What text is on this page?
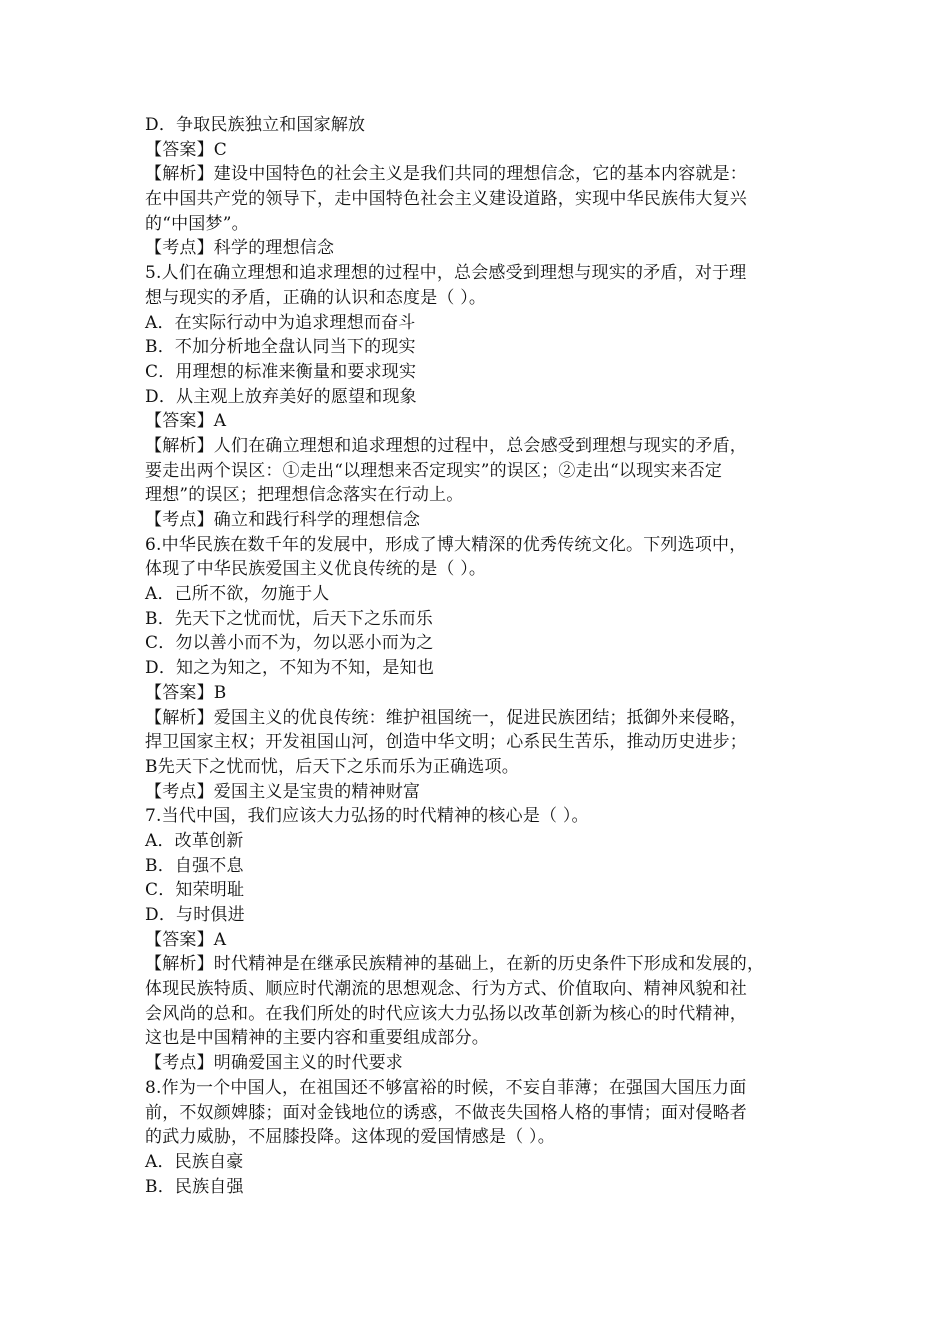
D．争取民族独立和国家解放
【答案】C
【解析】建设中国特色的社会主义是我们共同的理想信念，它的基本内容就是：
在中国共产党的领导下，走中国特色社会主义建设道路，实现中华民族伟大复兴
的“中国梦”。
【考点】科学的理想信念
5.人们在确立理想和追求理想的过程中，总会感受到理想与现实的矛盾，对于理
想与现实的矛盾，正确的认识和态度是（ ）。
A．在实际行动中为追求理想而奋斗
B．不加分析地全盘认同当下的现实
C．用理想的标准来衡量和要求现实
D．从主观上放弃美好的愿望和现象
【答案】A
【解析】人们在确立理想和追求理想的过程中，总会感受到理想与现实的矛盾，
要走出两个误区：①走出“以理想来否定现实”的误区；②走出“以现实来否定
理想”的误区；把理想信念落实在行动上。
【考点】确立和践行科学的理想信念
6.中华民族在数千年的发展中，形成了博大精深的优秀传统文化。下列选项中，
体现了中华民族爱国主义优良传统的是（ ）。
A．己所不欲，勿施于人
B．先天下之忧而忧，后天下之乐而乐
C．勿以善小而不为，勿以恶小而为之
D．知之为知之，不知为不知，是知也
【答案】B
【解析】爱国主义的优良传统：维护祖国统一，促进民族团结；抵御外来侵略，
捍卫国家主权；开发祖国山河，创造中华文明；心系民生苦乐，推动历史进步；
B先天下之忧而忧，后天下之乐而乐为正确选项。
【考点】爱国主义是宝贵的精神财富
7.当代中国，我们应该大力弘扬的时代精神的核心是（ ）。
A．改革创新
B．自强不息
C．知荣明耻
D．与时俱进
【答案】A
【解析】时代精神是在继承民族精神的基础上，在新的历史条件下形成和发展的，
体现民族特质、顺应时代潮流的思想观念、行为方式、价值取向、精神风貌和社
会风尚的总和。在我们所处的时代应该大力弘扬以改革创新为核心的时代精神，
这也是中国精神的主要内容和重要组成部分。
【考点】明确爱国主义的时代要求
8.作为一个中国人，在祖国还不够富裕的时候，不妄自菲薄；在强国大国压力面
前，不奴颜婢膝；面对金钱地位的诱惑，不做丧失国格人格的事情；面对侵略者
的武力威胁，不屈膝投降。这体现的爱国情感是（ ）。
A．民族自豪
B．民族自强
